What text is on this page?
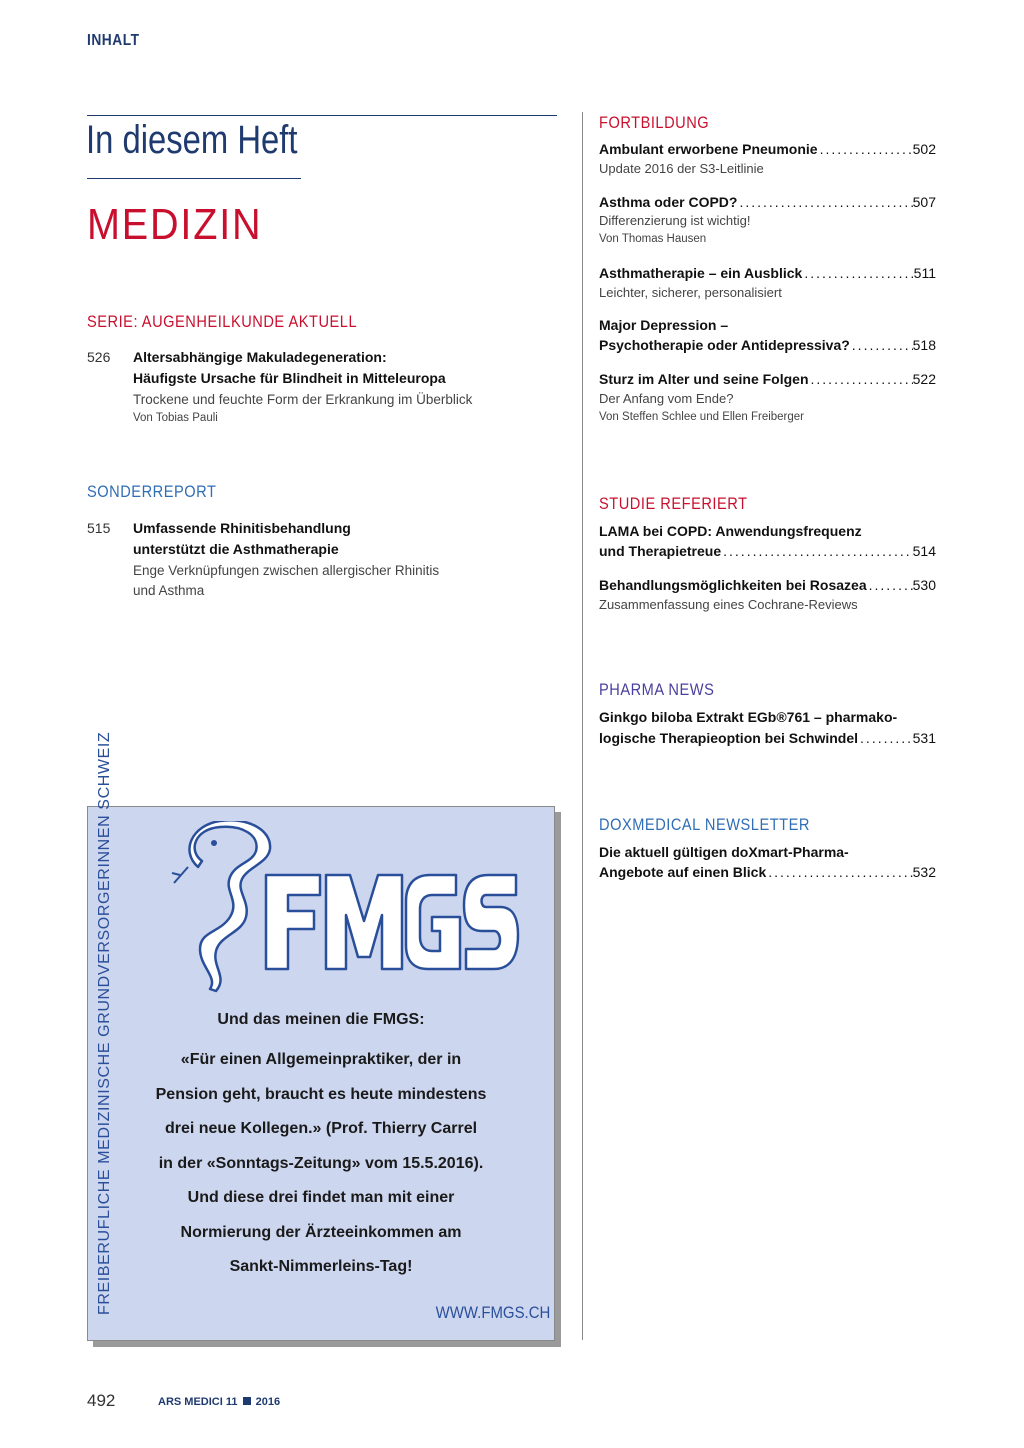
INHALT
In diesem Heft
MEDIZIN
SERIE: AUGENHEILKUNDE AKTUELL
526 Altersabhängige Makuladegeneration:
Häufigste Ursache für Blindheit in Mitteleuropa
Trockene und feuchte Form der Erkrankung im Überblick
Von Tobias Pauli
SONDERREPORT
515 Umfassende Rhinitisbehandlung
unterstützt die Asthmatherapie
Enge Verknüpfungen zwischen allergischer Rhinitis
und Asthma
FORTBILDUNG
Ambulant erworbene Pneumonie .....	502
Update 2016 der S3-Leitlinie
Asthma oder COPD? .....	507
Differenzierung ist wichtig!
Von Thomas Hausen
Asthmatherapie – ein Ausblick .....	511
Leichter, sicherer, personalisiert
Major Depression –
Psychotherapie oder Antidepressiva? .....	518
Sturz im Alter und seine Folgen .....	522
Der Anfang vom Ende?
Von Steffen Schlee und Ellen Freiberger
STUDIE REFERIERT
LAMA bei COPD: Anwendungsfrequenz
und Therapietreue .....	514
Behandlungsmöglichkeiten bei Rosazea .....	530
Zusammenfassung eines Cochrane-Reviews
PHARMA NEWS
Ginkgo biloba Extrakt EGb®761 – pharmako-
logische Therapieoption bei Schwindel .....	531
DOXMEDICAL NEWSLETTER
Die aktuell gültigen doXmart-Pharma-
Angebote auf einen Blick .....	532
FREIBERUFLICHE MEDIZINISCHE GRUNDVERSORGERINNEN SCHWEIZ	Und das meinen die FMGS:
«Für einen Allgemeinpraktiker, der in
Pension geht, braucht es heute mindestens
drei neue Kollegen.» (Prof. Thierry Carrel
in der «Sonntags-Zeitung» vom 15.5.2016).
Und diese drei findet man mit einer
Normierung der Ärzteeinkommen am
Sankt-Nimmerleins-Tag!
WWW.FMGS.CH
492	ARS MEDICI 11 2016
